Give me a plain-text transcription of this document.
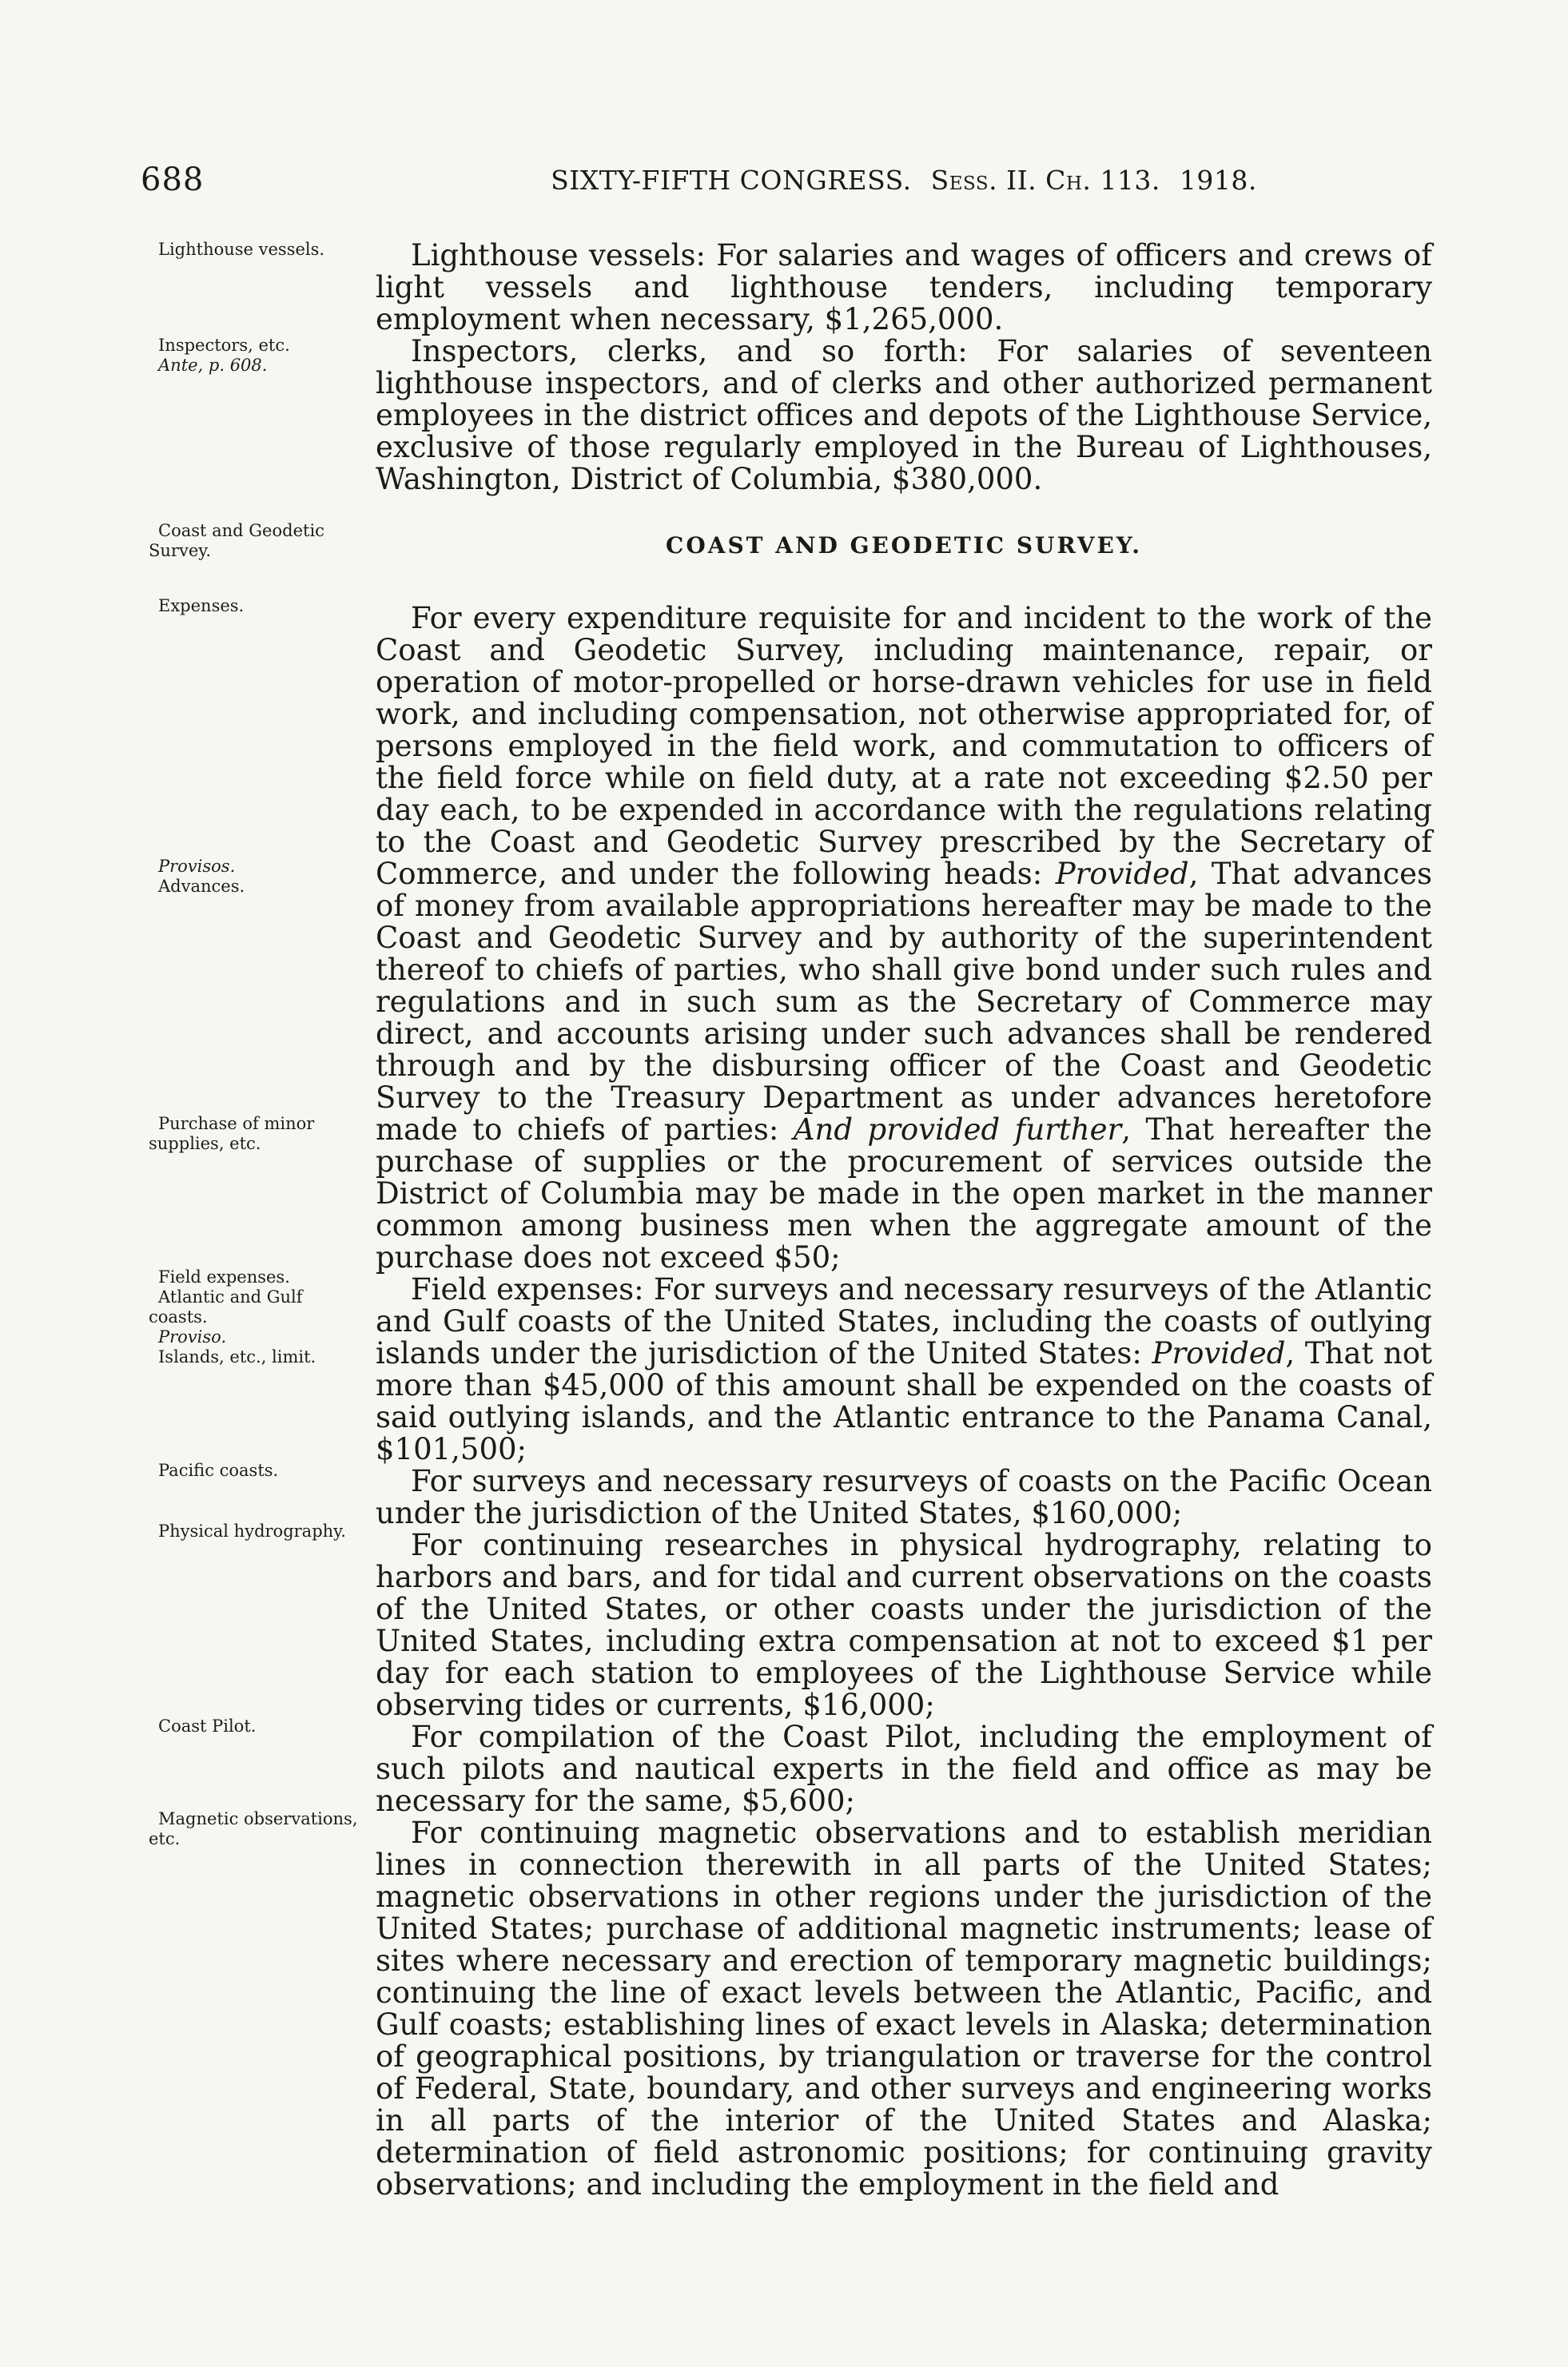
688	SIXTY-FIFTH CONGRESS. Sess. II. Ch. 113. 1918.
Lighthouse vessels.
Inspectors, etc.
Ante, p. 608.
Coast and Geodetic Survey.
Expenses.
Provisos.
Advances.
Purchase of minor supplies, etc.
Field expenses.
Atlantic and Gulf coasts.
Proviso.
Islands, etc., limit.
Pacific coasts.
Physical hydrography.
Coast Pilot.
Magnetic observations, etc.

Lighthouse vessels: For salaries and wages of officers and crews of light vessels and lighthouse tenders, including temporary employment when necessary, $1,265,000.

Inspectors, clerks, and so forth: For salaries of seventeen lighthouse inspectors, and of clerks and other authorized permanent employees in the district offices and depots of the Lighthouse Service, exclusive of those regularly employed in the Bureau of Lighthouses, Washington, District of Columbia, $380,000.

COAST AND GEODETIC SURVEY.

For every expenditure requisite for and incident to the work of the Coast and Geodetic Survey, including maintenance, repair, or operation of motor-propelled or horse-drawn vehicles for use in field work, and including compensation, not otherwise appropriated for, of persons employed in the field work, and commutation to officers of the field force while on field duty, at a rate not exceeding $2.50 per day each, to be expended in accordance with the regulations relating to the Coast and Geodetic Survey prescribed by the Secretary of Commerce, and under the following heads: Provided, That advances of money from available appropriations hereafter may be made to the Coast and Geodetic Survey and by authority of the superintendent thereof to chiefs of parties, who shall give bond under such rules and regulations and in such sum as the Secretary of Commerce may direct, and accounts arising under such advances shall be rendered through and by the disbursing officer of the Coast and Geodetic Survey to the Treasury Department as under advances heretofore made to chiefs of parties: And provided further, That hereafter the purchase of supplies or the procurement of services outside the District of Columbia may be made in the open market in the manner common among business men when the aggregate amount of the purchase does not exceed $50;

Field expenses: For surveys and necessary resurveys of the Atlantic and Gulf coasts of the United States, including the coasts of outlying islands under the jurisdiction of the United States: Provided, That not more than $45,000 of this amount shall be expended on the coasts of said outlying islands, and the Atlantic entrance to the Panama Canal, $101,500;

For surveys and necessary resurveys of coasts on the Pacific Ocean under the jurisdiction of the United States, $160,000;

For continuing researches in physical hydrography, relating to harbors and bars, and for tidal and current observations on the coasts of the United States, or other coasts under the jurisdiction of the United States, including extra compensation at not to exceed $1 per day for each station to employees of the Lighthouse Service while observing tides or currents, $16,000;

For compilation of the Coast Pilot, including the employment of such pilots and nautical experts in the field and office as may be necessary for the same, $5,600;

For continuing magnetic observations and to establish meridian lines in connection therewith in all parts of the United States; magnetic observations in other regions under the jurisdiction of the United States; purchase of additional magnetic instruments; lease of sites where necessary and erection of temporary magnetic buildings; continuing the line of exact levels between the Atlantic, Pacific, and Gulf coasts; establishing lines of exact levels in Alaska; determination of geographical positions, by triangulation or traverse for the control of Federal, State, boundary, and other surveys and engineering works in all parts of the interior of the United States and Alaska; determination of field astronomic positions; for continuing gravity observations; and including the employment in the field and
